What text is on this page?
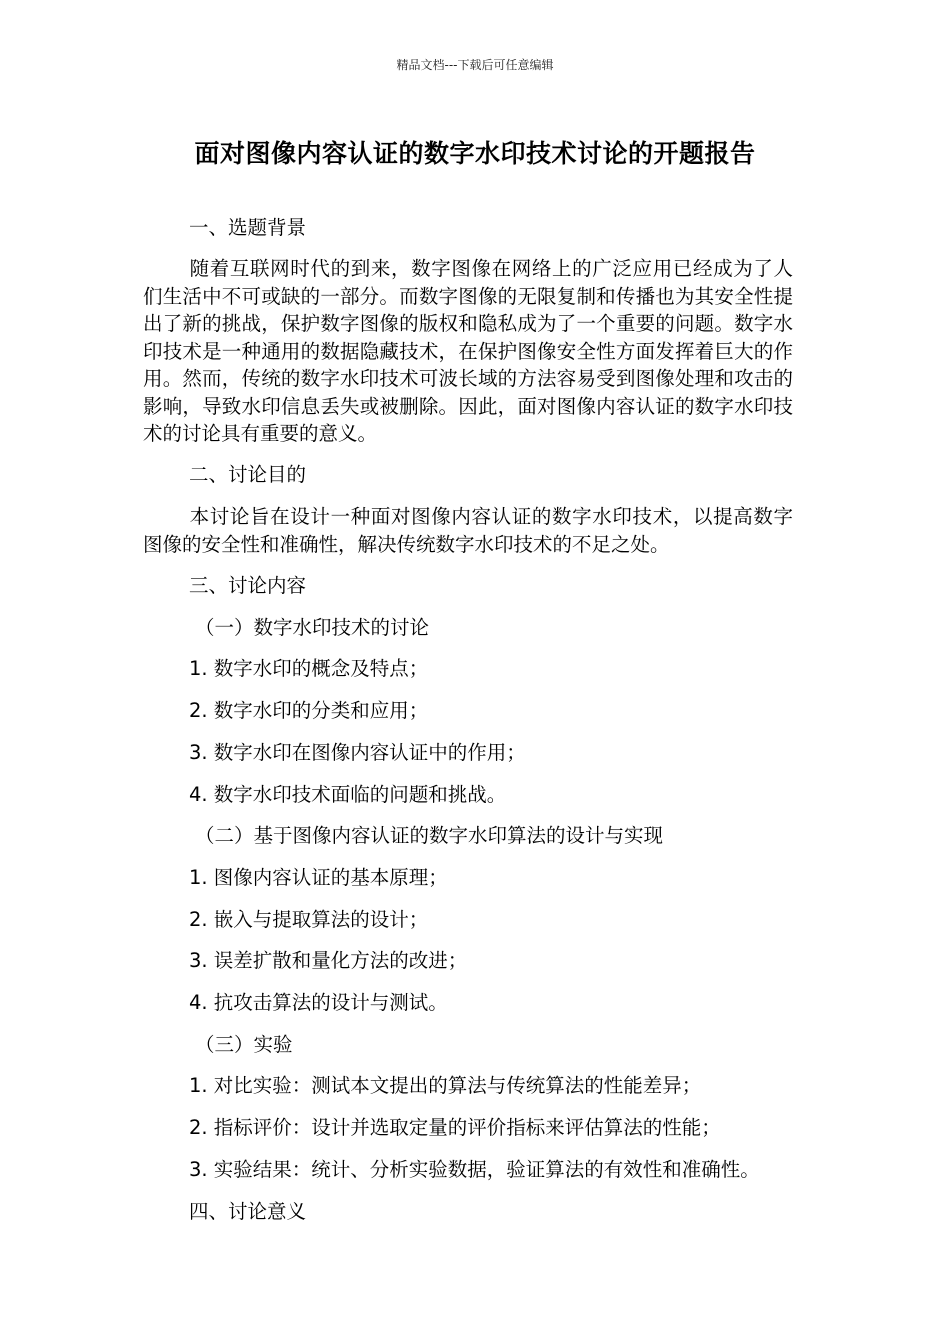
精品文档---下载后可任意编辑
面对图像内容认证的数字水印技术讨论的开题报告
一、选题背景
随着互联网时代的到来，数字图像在网络上的广泛应用已经成为了人们生活中不可或缺的一部分。而数字图像的无限复制和传播也为其安全性提出了新的挑战，保护数字图像的版权和隐私成为了一个重要的问题。数字水印技术是一种通用的数据隐藏技术，在保护图像安全性方面发挥着巨大的作用。然而，传统的数字水印技术可波长域的方法容易受到图像处理和攻击的影响，导致水印信息丢失或被删除。因此，面对图像内容认证的数字水印技术的讨论具有重要的意义。
二、讨论目的
本讨论旨在设计一种面对图像内容认证的数字水印技术，以提高数字图像的安全性和准确性，解决传统数字水印技术的不足之处。
三、讨论内容
（一）数字水印技术的讨论
1. 数字水印的概念及特点；
2. 数字水印的分类和应用；
3. 数字水印在图像内容认证中的作用；
4. 数字水印技术面临的问题和挑战。
（二）基于图像内容认证的数字水印算法的设计与实现
1. 图像内容认证的基本原理；
2. 嵌入与提取算法的设计；
3. 误差扩散和量化方法的改进；
4. 抗攻击算法的设计与测试。
（三）实验
1. 对比实验：测试本文提出的算法与传统算法的性能差异；
2. 指标评价：设计并选取定量的评价指标来评估算法的性能；
3. 实验结果：统计、分析实验数据，验证算法的有效性和准确性。
四、讨论意义
